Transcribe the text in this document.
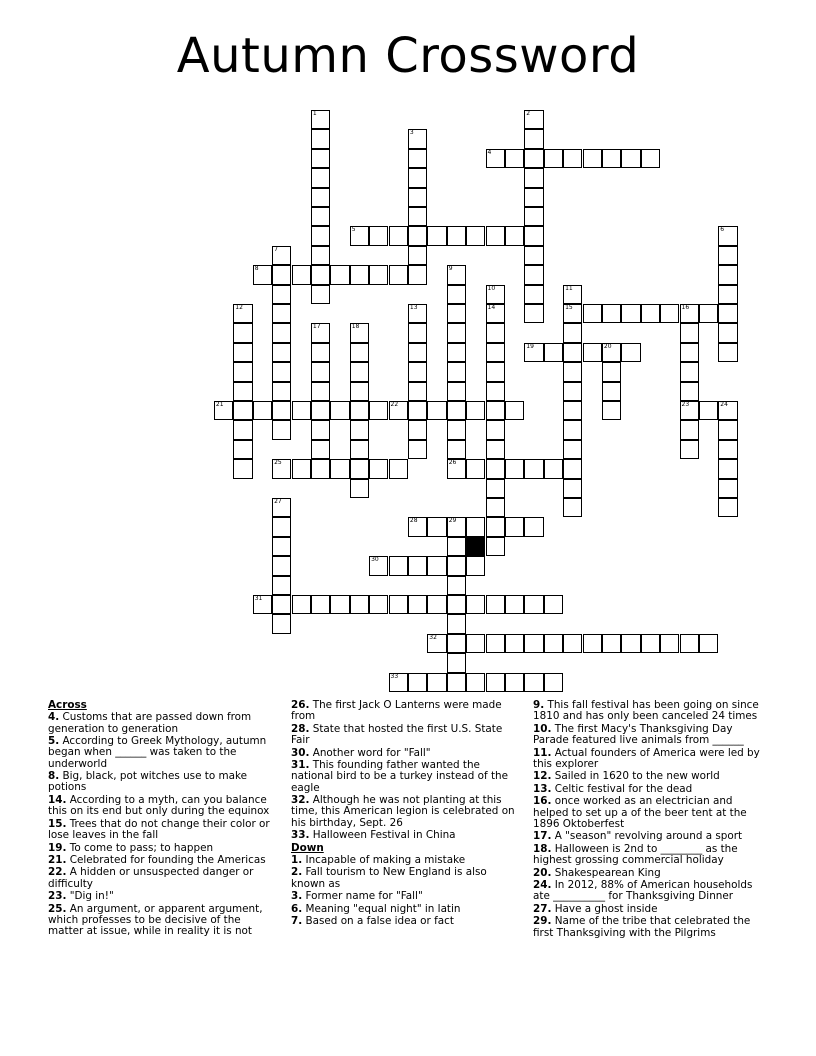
Autumn Crossword
1	2
3
4
5	6
7
8	9
26
10
14
11
15
12	13	16
23
17	18
19	20
21	22	24
25
27
28	29
30
31
32
33
Across
4. Customs that are passed down from generation to generation
5. According to Greek Mythology, autumn began when ______ was taken to the underworld
8. Big, black, pot witches use to make potions
14. According to a myth, can you balance this on its end but only during the equinox
15. Trees that do not change their color or lose leaves in the fall
19. To come to pass; to happen
21. Celebrated for founding the Americas
22. A hidden or unsuspected danger or difficulty
23. "Dig in!"
25. An argument, or apparent argument, which professes to be decisive of the matter at issue, while in reality it is not
26. The first Jack O Lanterns were made from
28. State that hosted the first U.S. State Fair
30. Another word for "Fall"
31. This founding father wanted the national bird to be a turkey instead of the eagle
32. Although he was not planting at this time, this American legion is celebrated on his birthday, Sept. 26
33. Halloween Festival in China
Down
1. Incapable of making a mistake
2. Fall tourism to New England is also known as
3. Former name for "Fall"
6. Meaning "equal night" in latin
7. Based on a false idea or fact
9. This fall festival has been going on since 1810 and has only been canceled 24 times
10. The first Macy's Thanksgiving Day Parade featured live animals from ______
11. Actual founders of America were led by this explorer
12. Sailed in 1620 to the new world
13. Celtic festival for the dead
16. once worked as an electrician and helped to set up a of the beer tent at the 1896 Oktoberfest
17. A "season" revolving around a sport
18. Halloween is 2nd to ________ as the highest grossing commercial holiday
20. Shakespearean King
24. In 2012, 88% of American households ate __________ for Thanksgiving Dinner
27. Have a ghost inside
29. Name of the tribe that celebrated the first Thanksgiving with the Pilgrims
